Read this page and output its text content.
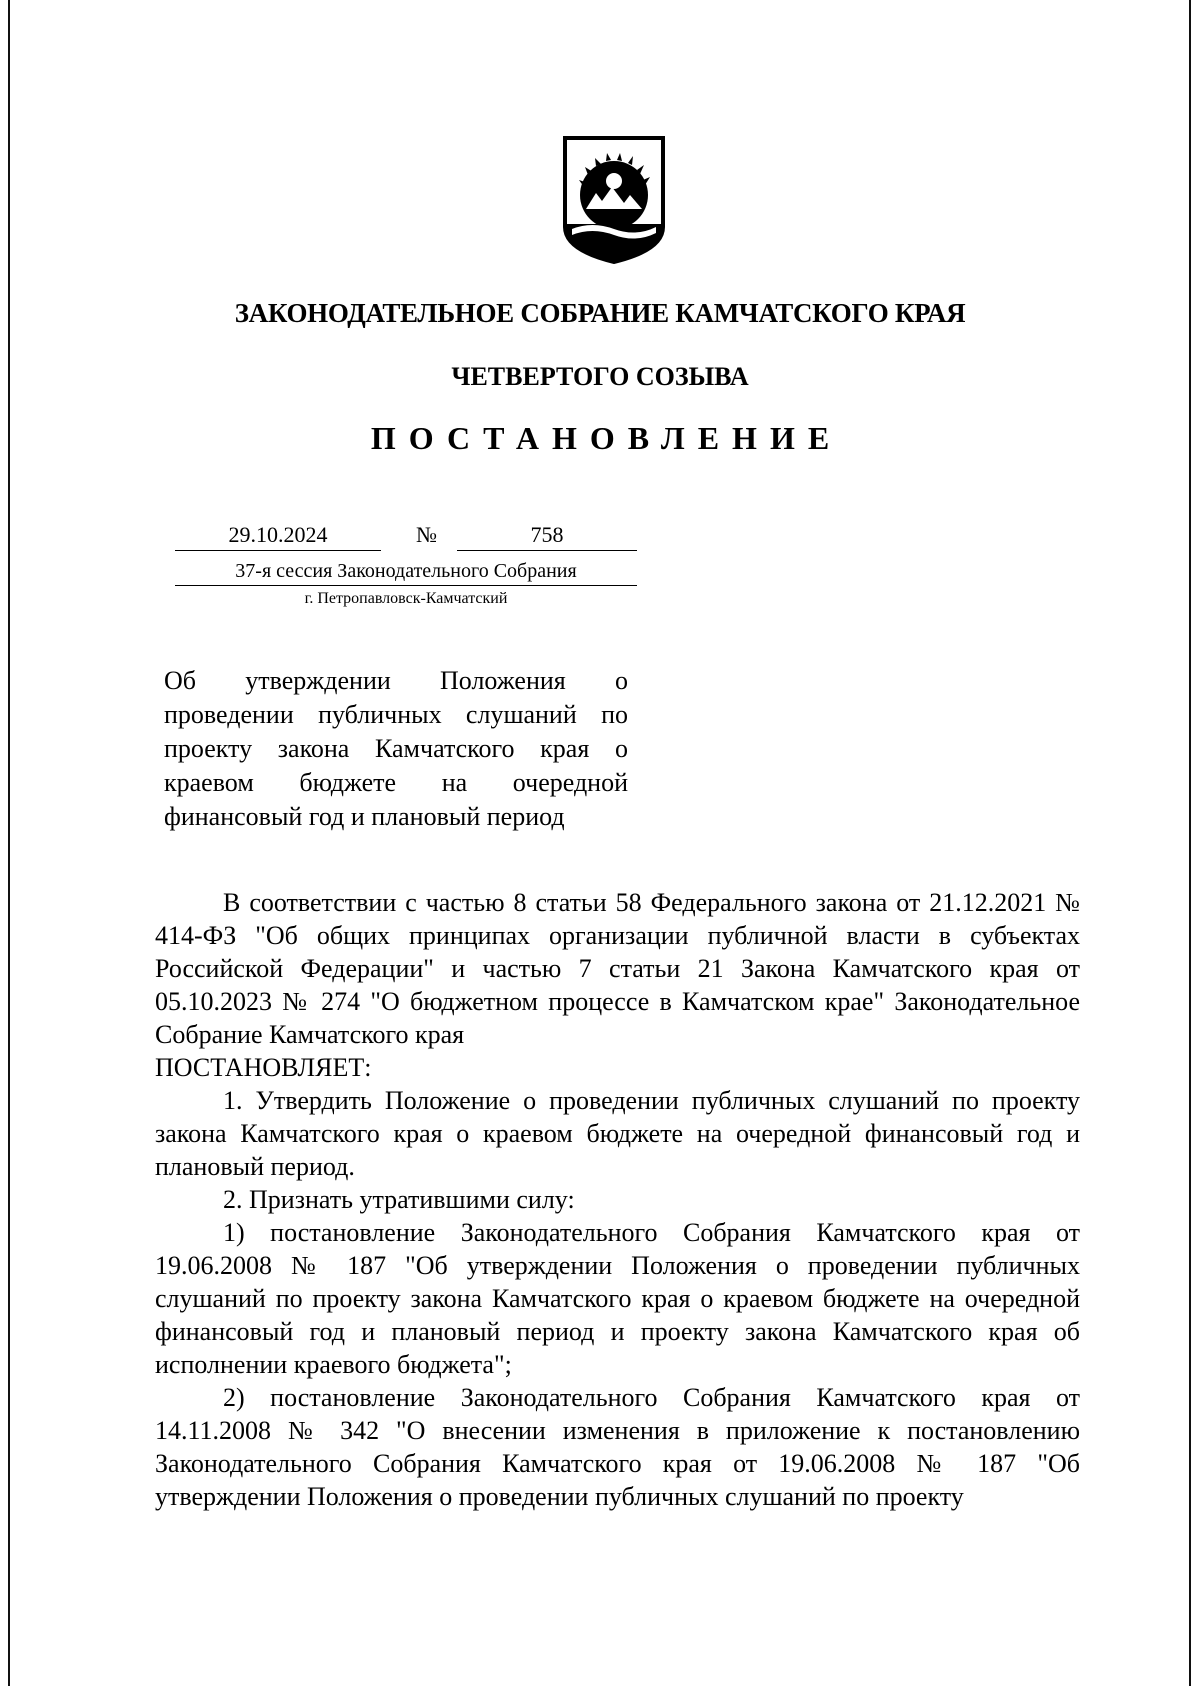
ЗАКОНОДАТЕЛЬНОЕ СОБРАНИЕ КАМЧАТСКОГО КРАЯ
ЧЕТВЕРТОГО СОЗЫВА
ПОСТАНОВЛЕНИЕ
29.10.2024	№	758
37-я сессия Законодательного Собрания
г. Петропавловск-Камчатский
Об утверждении Положения о проведении публичных слушаний по проекту закона Камчатского края о краевом бюджете на очередной финансовый год и плановый период

В соответствии с частью 8 статьи 58 Федерального закона от 21.12.2021 № 414-ФЗ "Об общих принципах организации публичной власти в субъектах Российской Федерации" и частью 7 статьи 21 Закона Камчатского края от 05.10.2023 № 274 "О бюджетном процессе в Камчатском крае" Законодательное Собрание Камчатского края

ПОСТАНОВЛЯЕТ:

1. Утвердить Положение о проведении публичных слушаний по проекту закона Камчатского края о краевом бюджете на очередной финансовый год и плановый период.

2. Признать утратившими силу:

1) постановление Законодательного Собрания Камчатского края от 19.06.2008 № 187 "Об утверждении Положения о проведении публичных слушаний по проекту закона Камчатского края о краевом бюджете на очередной финансовый год и плановый период и проекту закона Камчатского края об исполнении краевого бюджета";

2) постановление Законодательного Собрания Камчатского края от 14.11.2008 № 342 "О внесении изменения в приложение к постановлению Законодательного Собрания Камчатского края от 19.06.2008 № 187 "Об утверждении Положения о проведении публичных слушаний по проекту
